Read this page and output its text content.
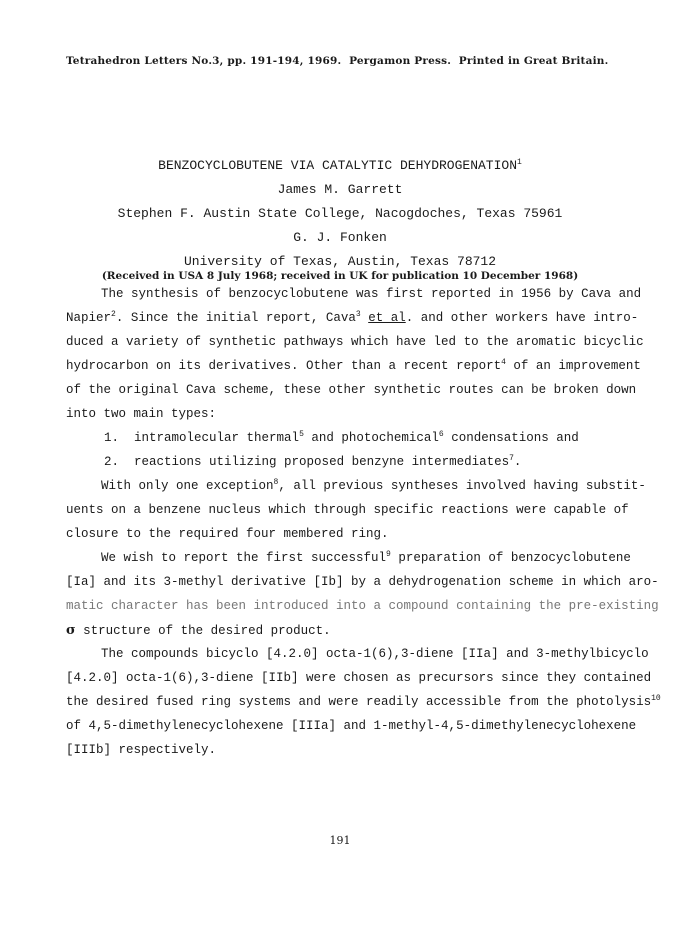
Tetrahedron Letters No.3, pp. 191-194, 1969. Pergamon Press. Printed in Great Britain.
BENZOCYCLOBUTENE VIA CATALYTIC DEHYDROGENATION$^1$
James M. Garrett
Stephen F. Austin State College, Nacogdoches, Texas 75961
G. J. Fonken
University of Texas, Austin, Texas 78712
(Received in USA 8 July 1968; received in UK for publication 10 December 1968)
The synthesis of benzocyclobutene was first reported in 1956 by Cava and
Napier$^2$. Since the initial report, Cava$^3$ et al. and other workers have intro-
duced a variety of synthetic pathways which have led to the aromatic bicyclic
hydrocarbon on its derivatives. Other than a recent report$^4$ of an improvement
of the original Cava scheme, these other synthetic routes can be broken down
into two main types:
1. intramolecular thermal$^5$ and photochemical$^6$ condensations and
2. reactions utilizing proposed benzyne intermediates$^7$.
With only one exception$^8$, all previous syntheses involved having substit-
uents on a benzene nucleus which through specific reactions were capable of
closure to the required four membered ring.
We wish to report the first successful$^9$ preparation of benzocyclobutene
[Ia] and its 3-methyl derivative [Ib] by a dehydrogenation scheme in which aro-
matic character has been introduced into a compound containing the pre-existing
σ structure of the desired product.
The compounds bicyclo [4.2.0] octa-1(6),3-diene [IIa] and 3-methylbicyclo
[4.2.0] octa-1(6),3-diene [IIb] were chosen as precursors since they contained
the desired fused ring systems and were readily accessible from the photolysis$^{10}$
of 4,5-dimethylenecyclohexene [IIIa] and 1-methyl-4,5-dimethylenecyclohexene
[IIIb] respectively.
191
